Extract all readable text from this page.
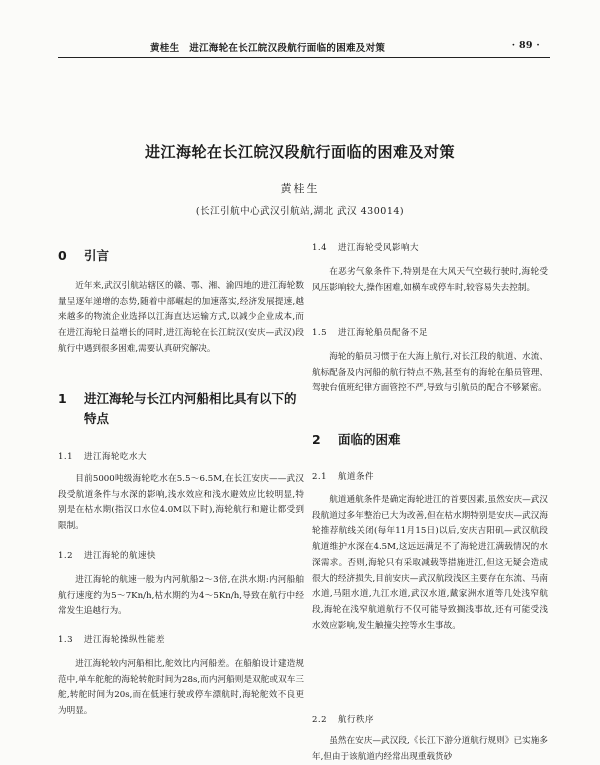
黄桂生　进江海轮在长江皖汉段航行面临的困难及对策	· 89 ·
进江海轮在长江皖汉段航行面临的困难及对策
黄桂生
(长江引航中心武汉引航站,湖北 武汉 430014)
0 引言

近年来,武汉引航站辖区的赣、鄂、湘、渝四地的进江海轮数量呈逐年递增的态势,随着中部崛起的加速落实,经济发展提速,越来越多的物流企业选择以江海直达运输方式,以减少企业成本,而在进江海轮日益增长的同时,进江海轮在长江皖汉(安庆—武汉)段航行中遇到很多困难,需要认真研究解决。

1 进江海轮与长江内河船相比具有以下的特点
1.1 进江海轮吃水大

目前5000吨级海轮吃水在5.5～6.5M,在长江安庆——武汉段受航道条件与水深的影响,浅水效应和浅水避效应比较明显,特别是在枯水期(指汉口水位4.0M以下时),海轮航行和避让都受到限制。

1.2 进江海轮的航速快

进江海轮的航速一般为内河航船2～3倍,在洪水期:内河船舶航行速度约为5～7Kn/h,枯水期约为4～5Kn/h,导致在航行中经常发生追越行为。

1.3 进江海轮操纵性能差

进江海轮较内河船相比,舵效比内河船差。在船舶设计建造规范中,单车舵舵的海轮转舵时间为28s,而内河船则是双舵或双车三舵,转舵时间为20s,而在低速行驶或停车漂航时,海轮舵效不良更为明显。

1.4 进江海轮受风影响大

在恶劣气象条件下,特别是在大风天气空载行驶时,海轮受风压影响较大,操作困难,如横车或停车时,较容易失去控制。

1.5 进江海轮船员配备不足

海轮的船员习惯于在大海上航行,对长江段的航道、水流、航标配备及内河船的航行特点不熟,甚至有的海轮在船员管理、驾驶台值班纪律方面管控不严,导致与引航员的配合不够紧密。

2 面临的困难
2.1 航道条件

航道通航条件是确定海轮进江的首要因素,虽然安庆—武汉段航道过多年整治已大为改善,但在枯水期特别是安庆—武汉海轮推荐航线关闭(每年11月15日)以后,安庆吉阳矶—武汉航段航道维护水深在4.5M,这远远满足不了海轮进江满载情况的水深需求。否则,海轮只有采取减载等措施进江,但这无疑会造成很大的经济损失,目前安庆—武汉航段浅区主要存在东流、马南水道,马阻水道,九江水道,武汉水道,戴家洲水道等几处浅窄航段,海轮在浅窄航道航行不仅可能导致搁浅事故,还有可能受浅水效应影响,发生触撞尖控等水生事故。

2.2 航行秩序

虽然在安庆—武汉段,《长江下游分道航行规则》已实施多年,但由于该航道内经常出现重载货砂
